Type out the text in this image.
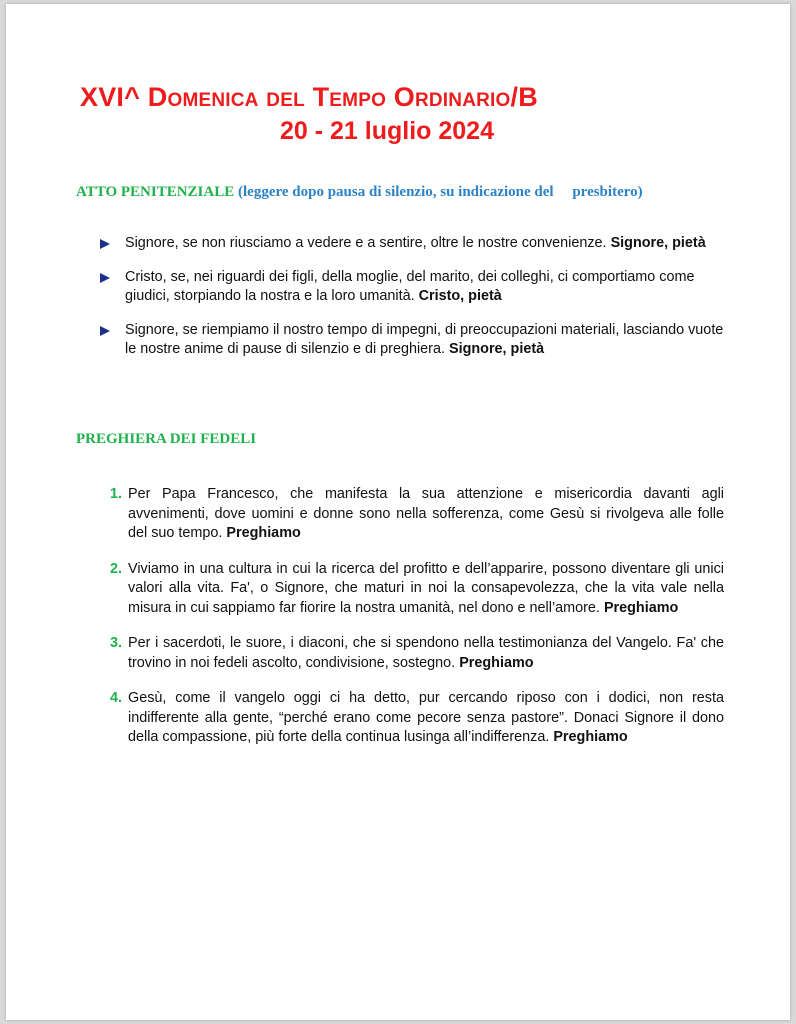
XVI^ Domenica del Tempo Ordinario/B
20 - 21 luglio 2024

ATTO PENITENZIALE (leggere dopo pausa di silenzio, su indicazione del     presbitero)

Signore, se non riusciamo a vedere e a sentire, oltre le nostre convenienze. Signore, pietà
Cristo, se, nei riguardi dei figli, della moglie, del marito, dei colleghi, ci comportiamo come giudici, storpiando la nostra e la loro umanità. Cristo, pietà
Signore, se riempiamo il nostro tempo di impegni, di preoccupazioni materiali, lasciando vuote le nostre anime di pause di silenzio e di preghiera. Signore, pietà

PREGHIERA DEI FEDELI

1. Per Papa Francesco, che manifesta la sua attenzione e misericordia davanti agli avvenimenti, dove uomini e donne sono nella sofferenza, come Gesù si rivolgeva alle folle del suo tempo. Preghiamo
2. Viviamo in una cultura in cui la ricerca del profitto e dell’apparire, possono diventare gli unici valori alla vita. Fa', o Signore, che maturi in noi la consapevolezza, che la vita vale nella misura in cui sappiamo far fiorire la nostra umanità, nel dono e nell’amore. Preghiamo
3. Per i sacerdoti, le suore, i diaconi, che si spendono nella testimonianza del Vangelo. Fa' che trovino in noi fedeli ascolto, condivisione, sostegno. Preghiamo
4. Gesù, come il vangelo oggi ci ha detto, pur cercando riposo con i dodici, non resta indifferente alla gente, “perché erano come pecore senza pastore”. Donaci Signore il dono della compassione, più forte della continua lusinga all’indifferenza. Preghiamo
